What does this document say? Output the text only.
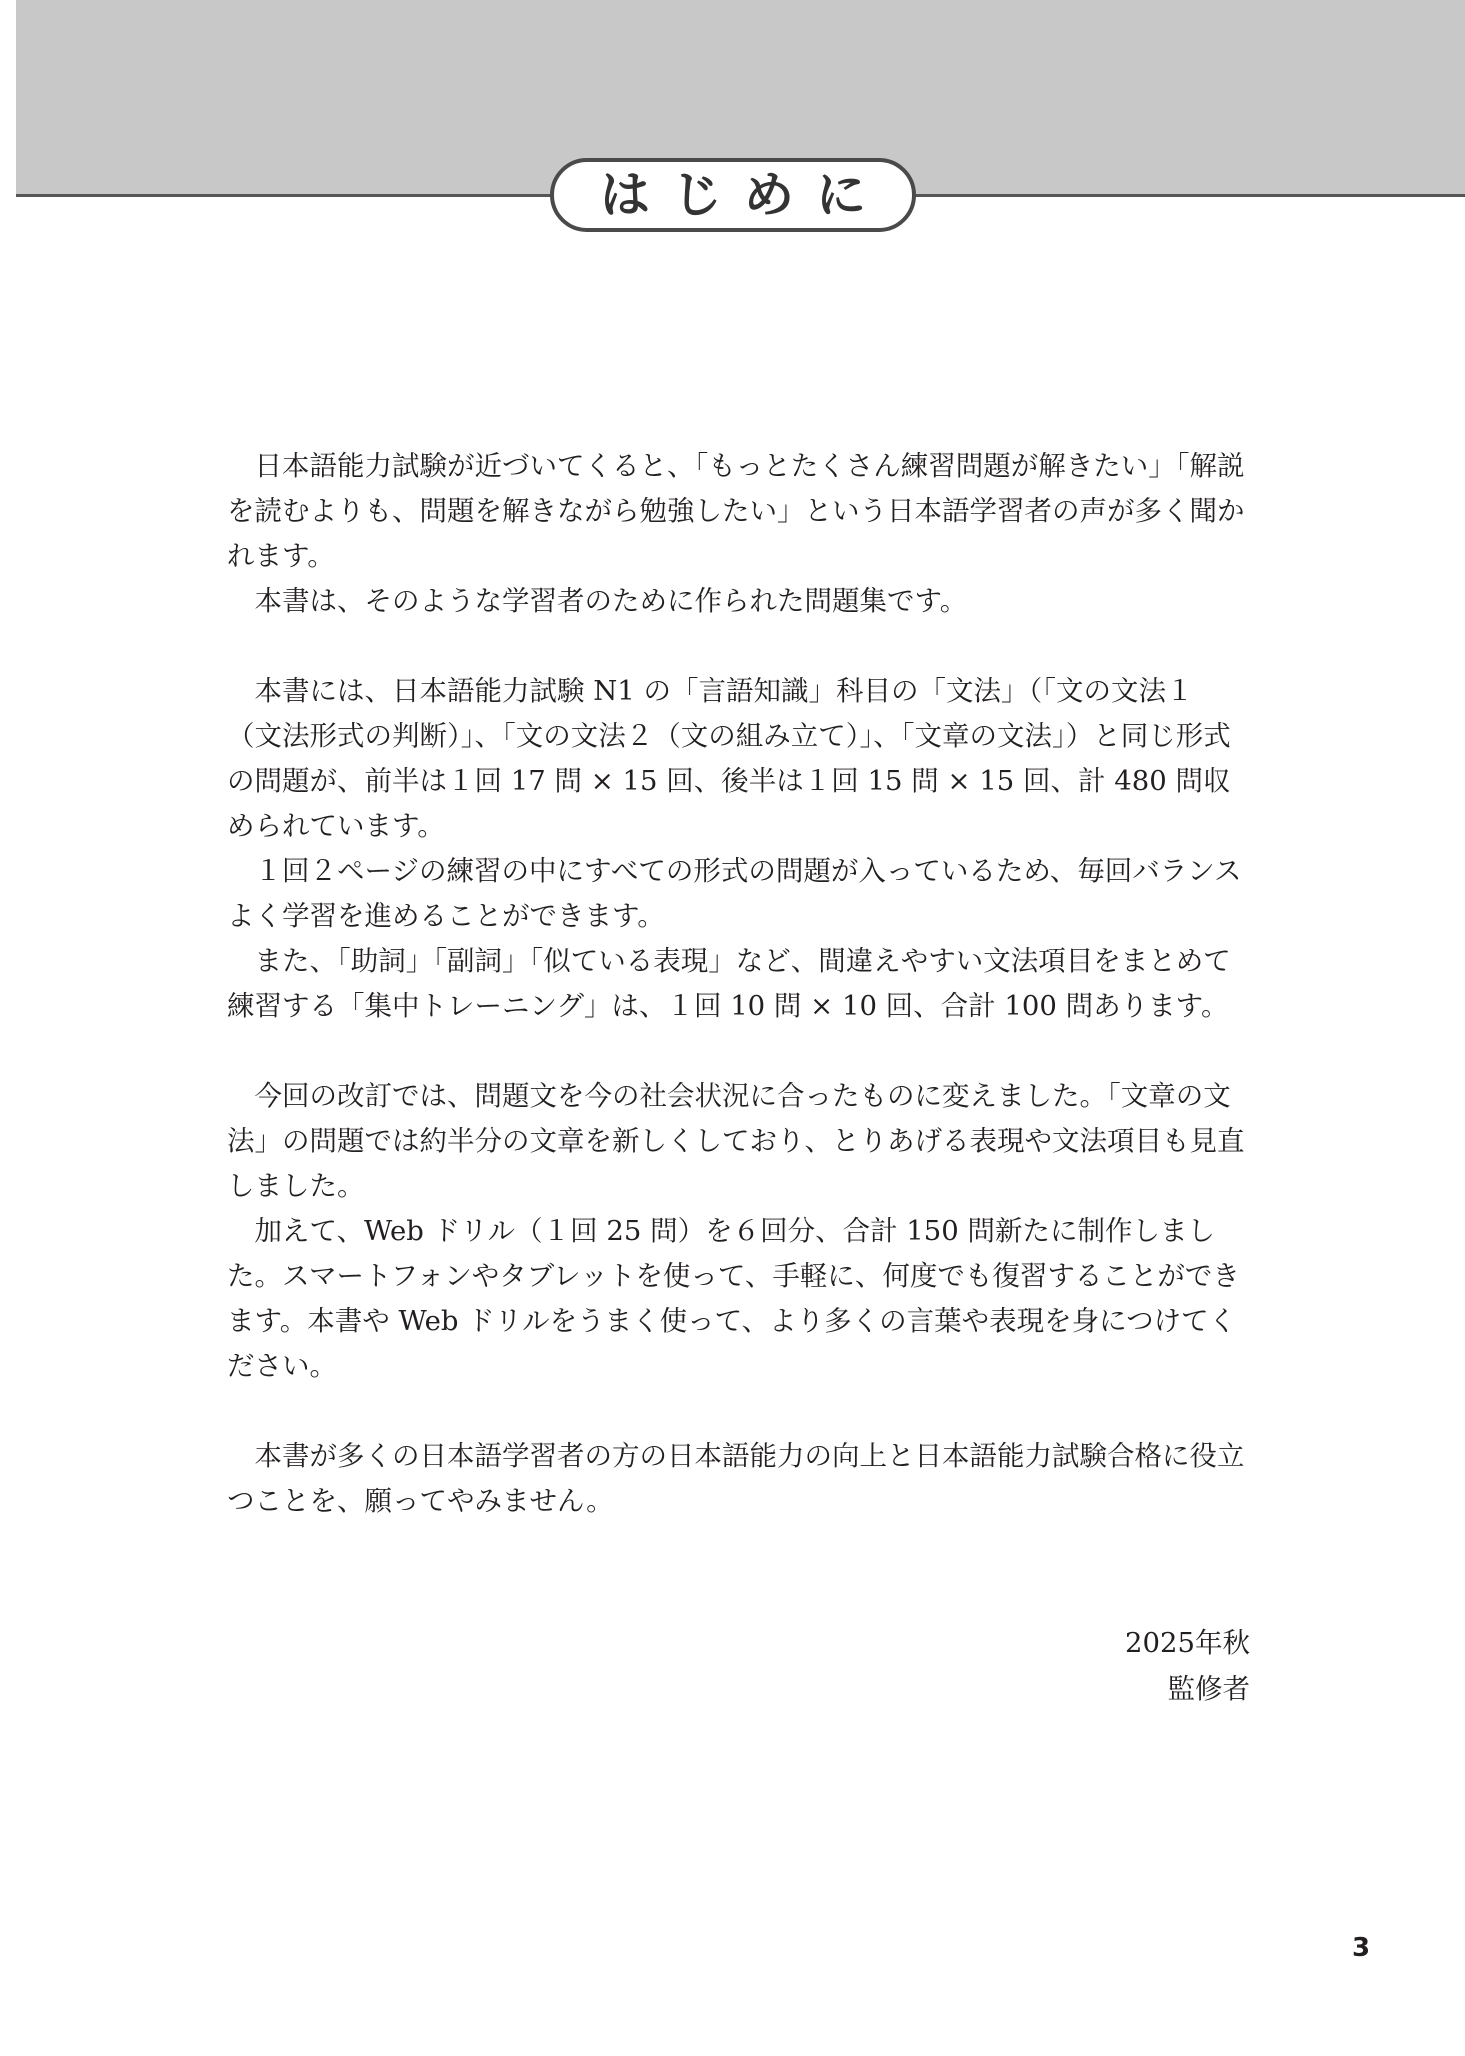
はじめに

日本語能力試験が近づいてくると、「もっとたくさん練習問題が解きたい」「解説を読むよりも、問題を解きながら勉強したい」という日本語学習者の声が多く聞かれます。

本書は、そのような学習者のために作られた問題集です。

本書には、日本語能力試験 N1 の「言語知識」科目の「文法」（「文の文法１（文法形式の判断）」、「文の文法２（文の組み立て）」、「文章の文法」）と同じ形式の問題が、前半は１回 17 問 × 15 回、後半は１回 15 問 × 15 回、計 480 問収められています。

１回２ページの練習の中にすべての形式の問題が入っているため、毎回バランスよく学習を進めることができます。

また、「助詞」「副詞」「似ている表現」など、間違えやすい文法項目をまとめて練習する「集中トレーニング」は、１回 10 問 × 10 回、合計 100 問あります。

今回の改訂では、問題文を今の社会状況に合ったものに変えました。「文章の文法」の問題では約半分の文章を新しくしており、とりあげる表現や文法項目も見直しました。

加えて、Web ドリル（１回 25 問）を６回分、合計 150 問新たに制作しました。スマートフォンやタブレットを使って、手軽に、何度でも復習することができます。本書や Web ドリルをうまく使って、より多くの言葉や表現を身につけてください。

本書が多くの日本語学習者の方の日本語能力の向上と日本語能力試験合格に役立つことを、願ってやみません。

2025年秋
監修者
3
